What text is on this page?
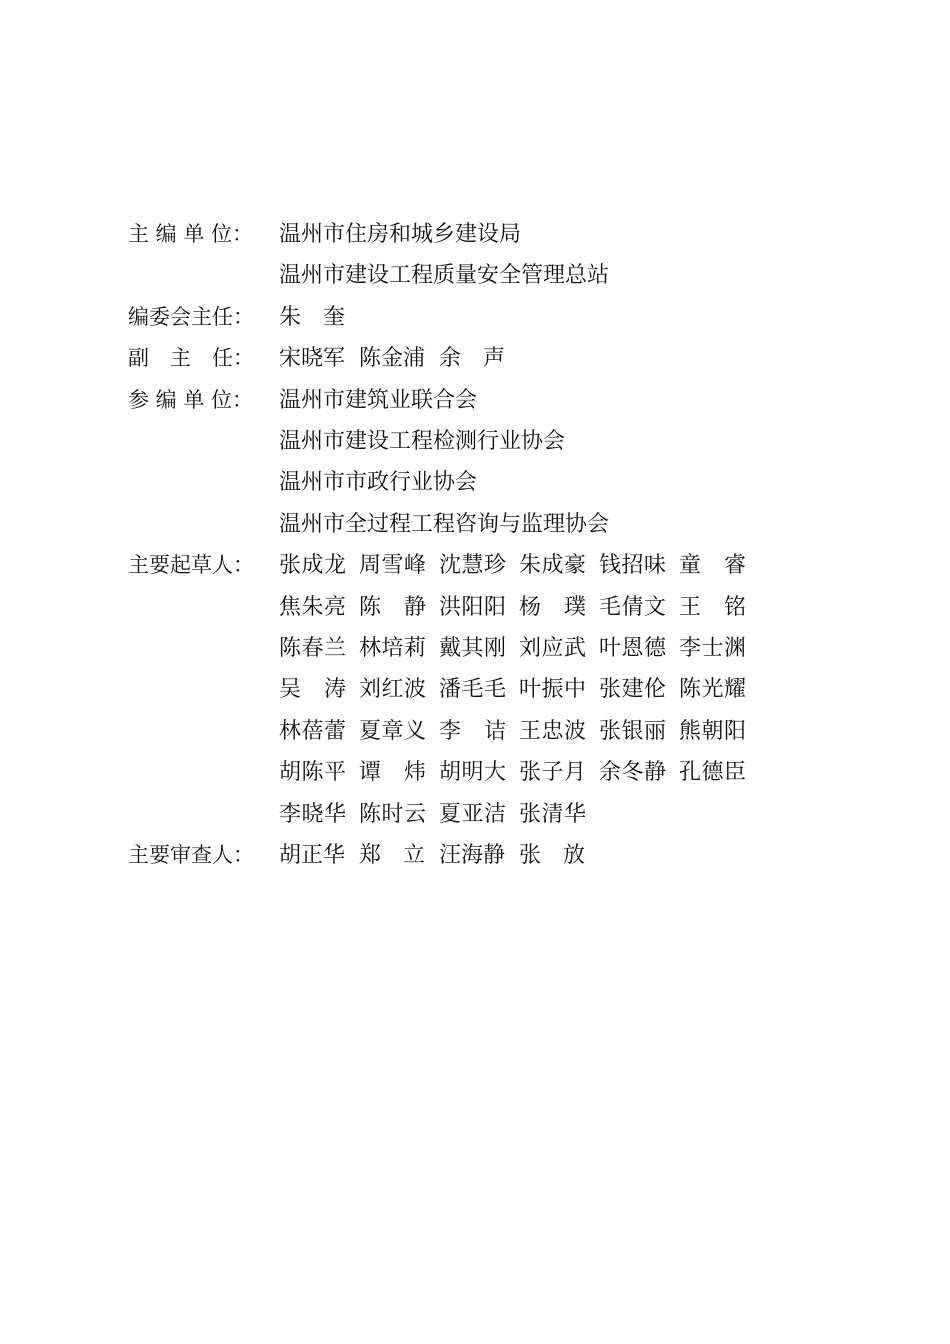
主 编 单 位：	温州市住房和城乡建设局
温州市建设工程质量安全管理总站
编委会主任：	朱　奎
副　主　任：	宋晓军  陈金浦  余　声
参 编 单 位：	温州市建筑业联合会
温州市建设工程检测行业协会
温州市市政行业协会
温州市全过程工程咨询与监理协会
主要起草人：	张成龙 周雪峰 沈慧珍 朱成豪 钱招味 童　睿
焦朱亮 陈　静 洪阳阳 杨　璞 毛倩文 王　铭
陈春兰 林培莉 戴其刚 刘应武 叶恩德 李士渊
吴　涛 刘红波 潘毛毛 叶振中 张建伦 陈光耀
林蓓蕾 夏章义 李　诘 王忠波 张银丽 熊朝阳
胡陈平 谭　炜 胡明大 张子月 余冬静 孔德臣
李晓华 陈时云 夏亚洁 张清华
主要审查人：	胡正华  郑　立  汪海静  张　放
